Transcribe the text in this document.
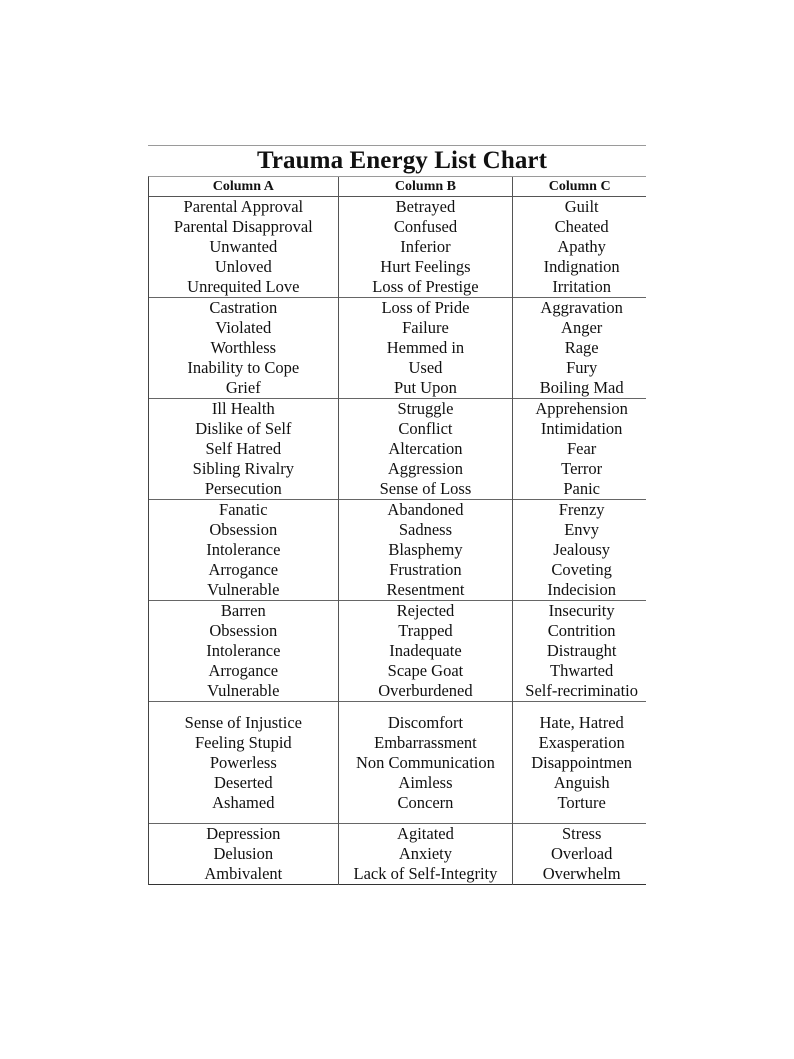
Trauma Energy List Chart
Column A
Parental Approval
Parental Disapproval
Unwanted
Unloved
Unrequited Love
Castration
Violated
Worthless
Inability to Cope
Grief
Ill Health
Dislike of Self
Self Hatred
Sibling Rivalry
Persecution
Fanatic
Obsession
Intolerance
Arrogance
Vulnerable
Barren
Obsession
Intolerance
Arrogance
Vulnerable
Sense of Injustice
Feeling Stupid
Powerless
Deserted
Ashamed
Depression
Delusion
Ambivalent
Column B
Betrayed
Confused
Inferior
Hurt Feelings
Loss of Prestige
Loss of Pride
Failure
Hemmed in
Used
Put Upon
Struggle
Conflict
Altercation
Aggression
Sense of Loss
Abandoned
Sadness
Blasphemy
Frustration
Resentment
Rejected
Trapped
Inadequate
Scape Goat
Overburdened
Discomfort
Embarrassment
Non Communication
Aimless
Concern
Agitated
Anxiety
Lack of Self-Integrity
Column C
Guilt
Cheated
Apathy
Indignation
Irritation
Aggravation
Anger
Rage
Fury
Boiling Mad
Apprehension
Intimidation
Fear
Terror
Panic
Frenzy
Envy
Jealousy
Coveting
Indecision
Insecurity
Contrition
Distraught
Thwarted
Self-recriminatio
Hate, Hatred
Exasperation
Disappointmen
Anguish
Torture
Stress
Overload
Overwhelm
